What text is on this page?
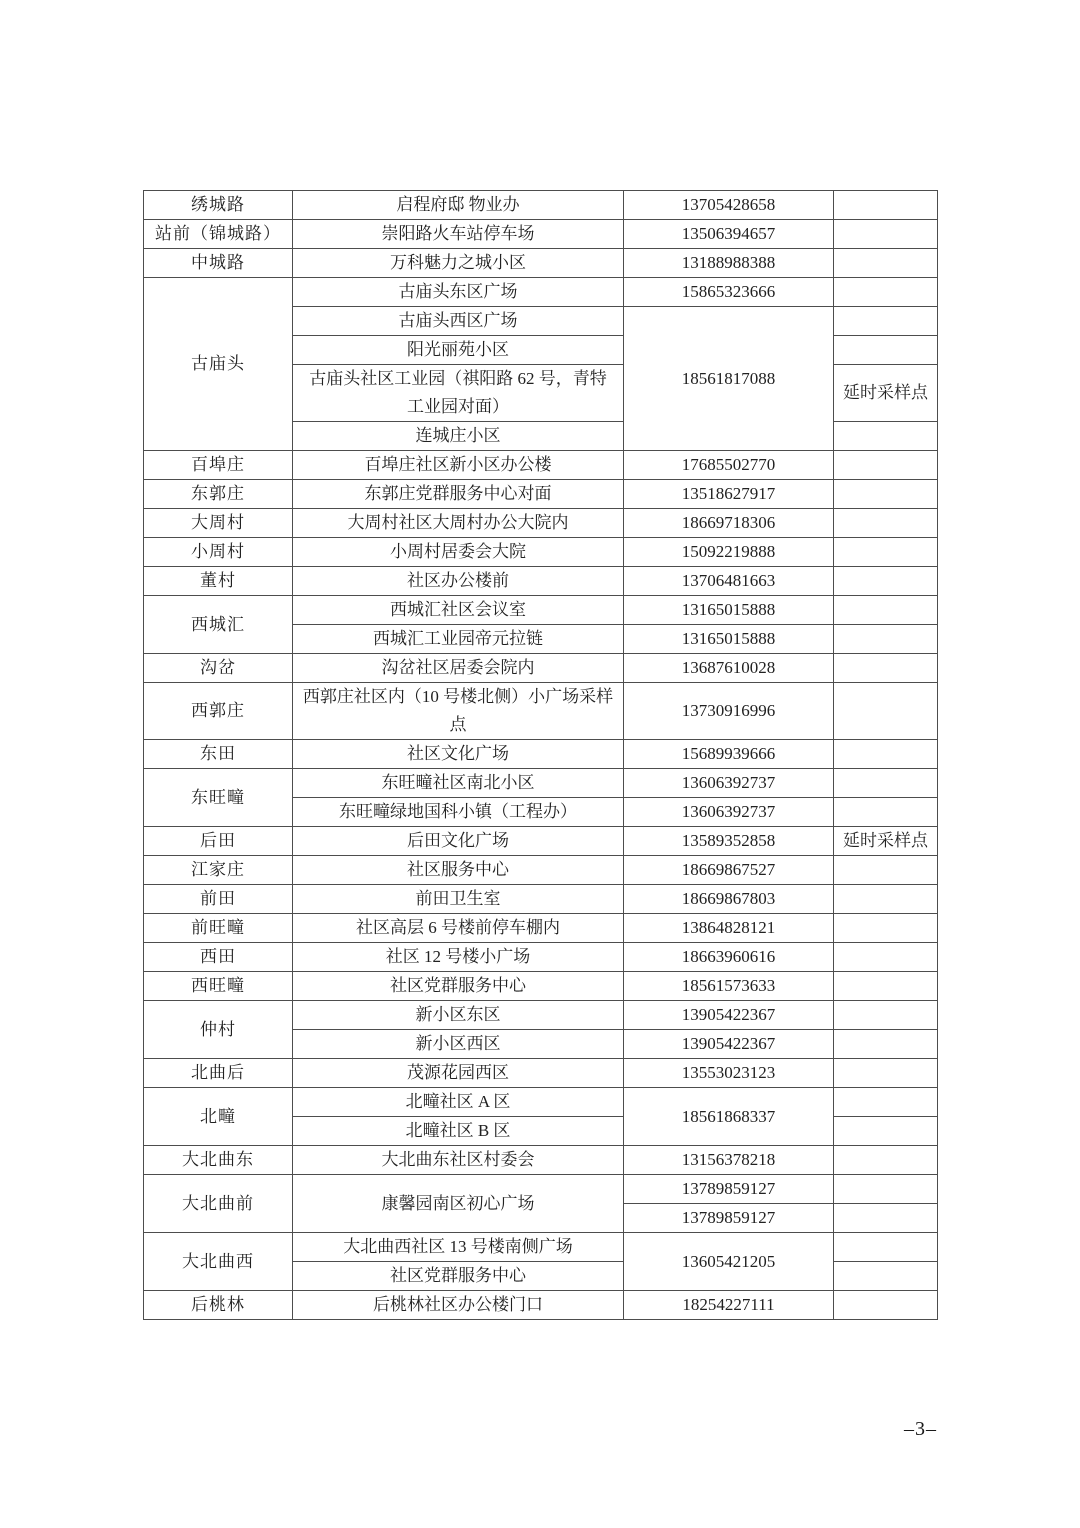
绣城路	启程府邸 物业办	13705428658	
站前（锦城路）	崇阳路火车站停车场	13506394657	
中城路	万科魅力之城小区	13188988388	
古庙头	古庙头东区广场	15865323666	
	古庙头西区广场	18561817088	
	阳光丽苑小区		
	古庙头社区工业园（祺阳路 62 号，青特工业园对面）		延时采样点
	连城庄小区		
百埠庄	百埠庄社区新小区办公楼	17685502770	
东郭庄	东郭庄党群服务中心对面	13518627917	
大周村	大周村社区大周村办公大院内	18669718306	
小周村	小周村居委会大院	15092219888	
董村	社区办公楼前	13706481663	
西城汇	西城汇社区会议室	13165015888	
	西城汇工业园帝元拉链	13165015888	
沟岔	沟岔社区居委会院内	13687610028	
西郭庄	西郭庄社区内（10 号楼北侧）小广场采样点	13730916996	
东田	社区文化广场	15689939666	
东旺疃	东旺疃社区南北小区	13606392737	
	东旺疃绿地国科小镇（工程办）	13606392737	
后田	后田文化广场	13589352858	延时采样点
江家庄	社区服务中心	18669867527	
前田	前田卫生室	18669867803	
前旺疃	社区高层 6 号楼前停车棚内	13864828121	
西田	社区 12 号楼小广场	18663960616	
西旺疃	社区党群服务中心	18561573633	
仲村	新小区东区	13905422367	
	新小区西区	13905422367	
北曲后	茂源花园西区	13553023123	
北疃	北疃社区 A 区	18561868337	
	北疃社区 B 区		
大北曲东	大北曲东社区村委会	13156378218	
大北曲前	康馨园南区初心广场	13789859127	
		13789859127	
大北曲西	大北曲西社区 13 号楼南侧广场	13605421205	
	社区党群服务中心		
后桃林	后桃林社区办公楼门口	18254227111	
–3–
